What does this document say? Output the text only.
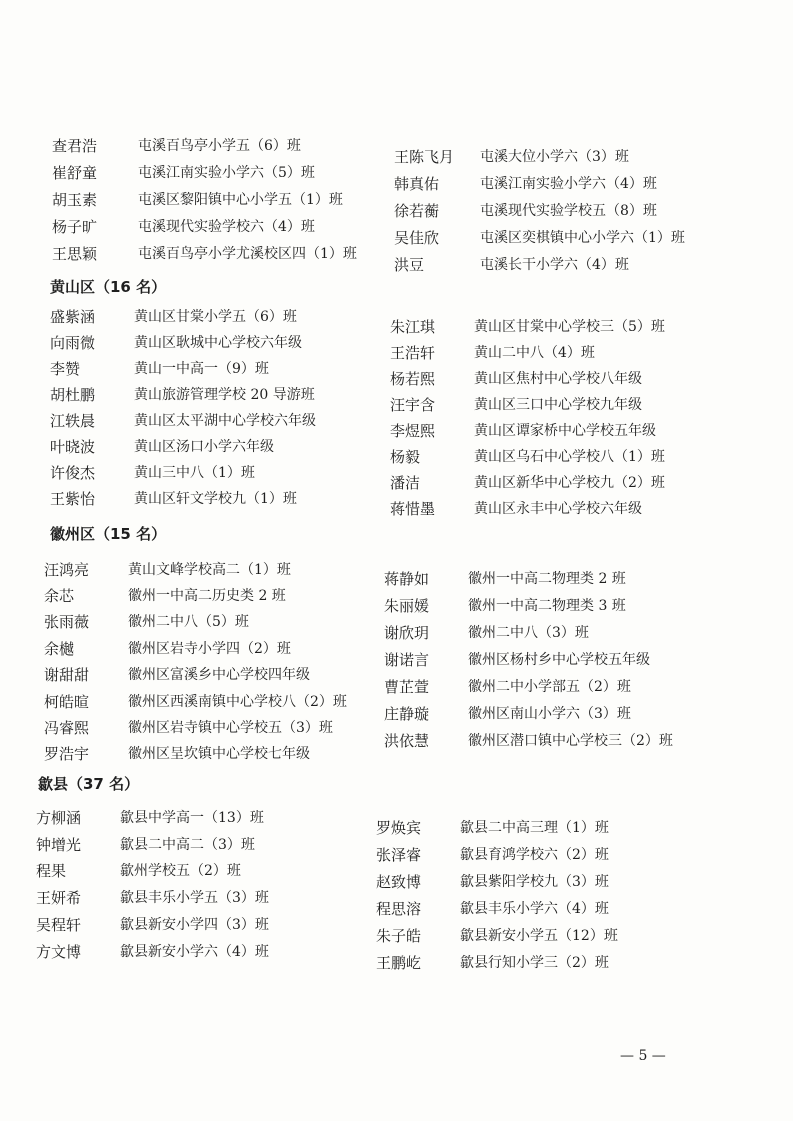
查君浩	屯溪百鸟亭小学五（6）班
崔舒童	屯溪江南实验小学六（5）班
胡玉素	屯溪区黎阳镇中心小学五（1）班
杨子旷	屯溪现代实验学校六（4）班
王思颖	屯溪百鸟亭小学尤溪校区四（1）班
王陈飞月 屯溪大位小学六（3）班
韩真佑	屯溪江南实验小学六（4）班
徐若蘅	屯溪现代实验学校五（8）班
吴佳欣	屯溪区奕棋镇中心小学六（1）班
洪豆	屯溪长干小学六（4）班
黄山区（16 名）
盛紫涵	黄山区甘棠小学五（6）班
向雨微	黄山区耿城中心学校六年级
李赞	黄山一中高一（9）班
胡杜鹏	黄山旅游管理学校 20 导游班
江轶晨	黄山区太平湖中心学校六年级
叶晓波	黄山区汤口小学六年级
许俊杰	黄山三中八（1）班
王紫怡	黄山区轩文学校九（1）班
朱江琪	黄山区甘棠中心学校三（5）班
王浩轩	黄山二中八（4）班
杨若熙	黄山区焦村中心学校八年级
汪宇含	黄山区三口中心学校九年级
李煜熙	黄山区谭家桥中心学校五年级
杨毅	黄山区乌石中心学校八（1）班
潘洁	黄山区新华中心学校九（2）班
蒋惜墨	黄山区永丰中心学校六年级
徽州区（15 名）
汪鸿亮	黄山文峰学校高二（1）班
余芯	徽州一中高二历史类 2 班
张雨薇	徽州二中八（5）班
余樾	徽州区岩寺小学四（2）班
谢甜甜	徽州区富溪乡中心学校四年级
柯皓暄	徽州区西溪南镇中心学校八（2）班
冯睿熙	徽州区岩寺镇中心学校五（3）班
罗浩宇	徽州区呈坎镇中心学校七年级
蒋静如	徽州一中高二物理类 2 班
朱丽媛	徽州一中高二物理类 3 班
谢欣玥	徽州二中八（3）班
谢诺言	徽州区杨村乡中心学校五年级
曹芷萱	徽州二中小学部五（2）班
庄静璇	徽州区南山小学六（3）班
洪依慧	徽州区潜口镇中心学校三（2）班
歙县（37 名）
方柳涵	歙县中学高一（13）班
钟增光	歙县二中高二（3）班
程果	歙州学校五（2）班
王妍希	歙县丰乐小学五（3）班
吴程轩	歙县新安小学四（3）班
方文博	歙县新安小学六（4）班
罗焕宾	歙县二中高三理（1）班
张泽睿	歙县育鸿学校六（2）班
赵致博	歙县紫阳学校九（3）班
程思溶	歙县丰乐小学六（4）班
朱子皓	歙县新安小学五（12）班
王鹏屹	歙县行知小学三（2）班
— 5 —
